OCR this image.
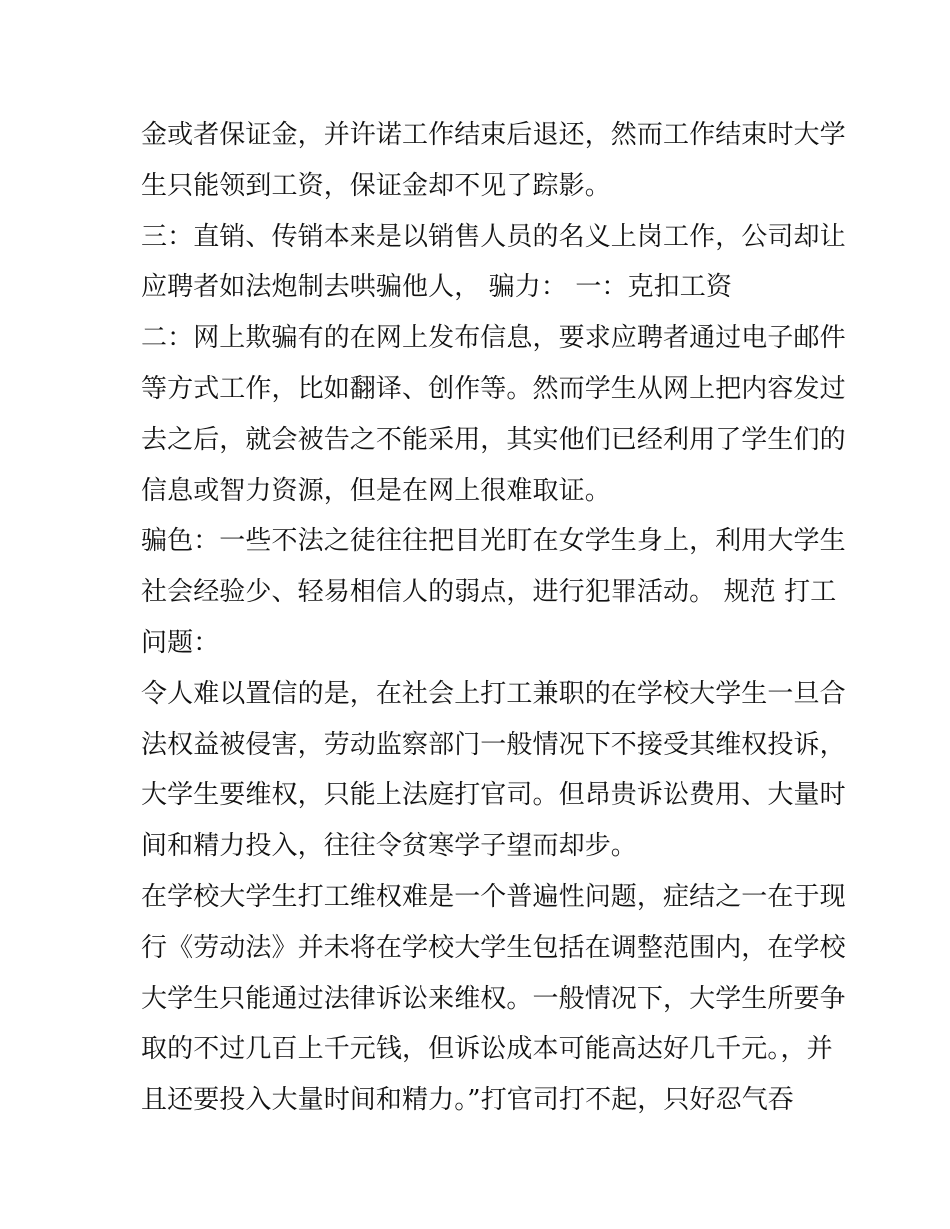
金或者保证金，并许诺工作结束后退还，然而工作结束时大学
生只能领到工资，保证金却不见了踪影。
三：直销、传销本来是以销售人员的名义上岗工作，公司却让
应聘者如法炮制去哄骗他人， 骗力： 一：克扣工资
二：网上欺骗有的在网上发布信息，要求应聘者通过电子邮件
等方式工作，比如翻译、创作等。然而学生从网上把内容发过
去之后，就会被告之不能采用，其实他们已经利用了学生们的
信息或智力资源，但是在网上很难取证。
骗色：一些不法之徒往往把目光盯在女学生身上，利用大学生
社会经验少、轻易相信人的弱点，进行犯罪活动。 规范 打工
问题：
令人难以置信的是，在社会上打工兼职的在学校大学生一旦合
法权益被侵害，劳动监察部门一般情况下不接受其维权投诉，
大学生要维权，只能上法庭打官司。但昂贵诉讼费用、大量时
间和精力投入，往往令贫寒学子望而却步。
在学校大学生打工维权难是一个普遍性问题，症结之一在于现
行《劳动法》并未将在学校大学生包括在调整范围内，在学校
大学生只能通过法律诉讼来维权。一般情况下，大学生所要争
取的不过几百上千元钱，但诉讼成本可能高达好几千元。，并
且还要投入大量时间和精力。”打官司打不起，只好忍气吞
